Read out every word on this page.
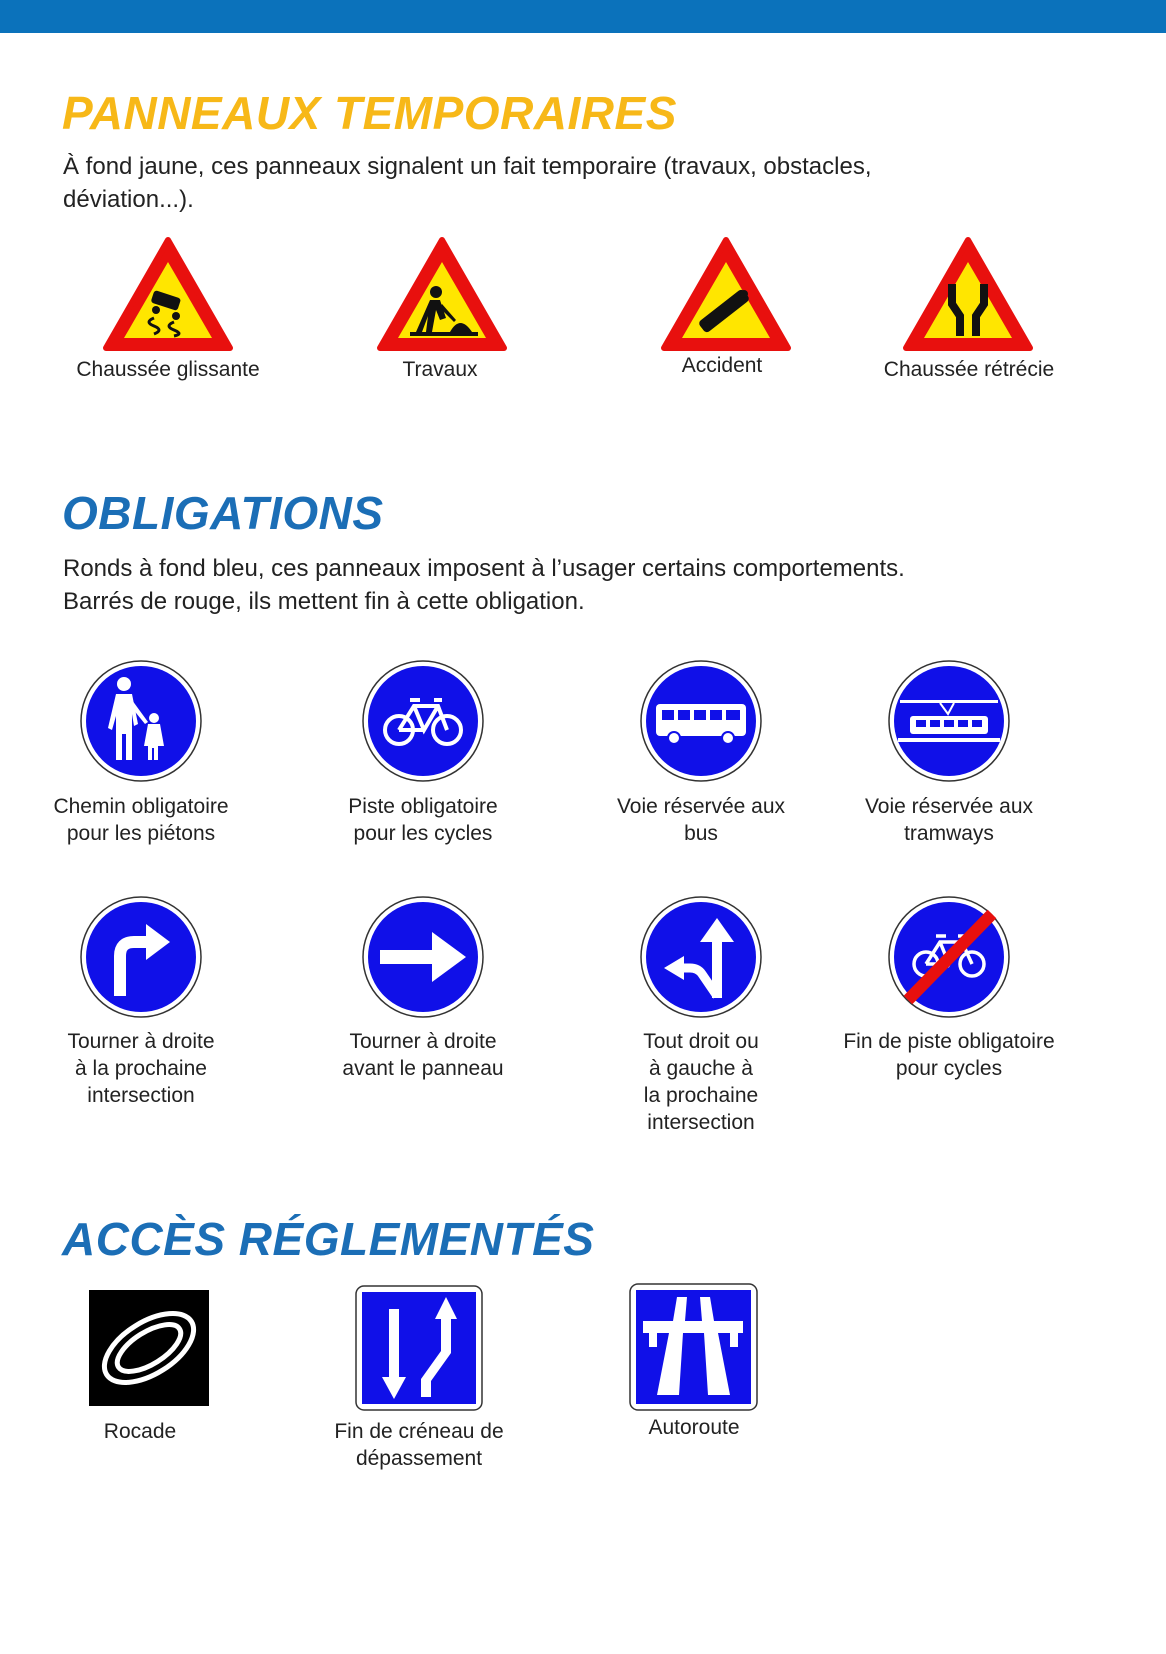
PANNEAUX TEMPORAIRES

À fond jaune, ces panneaux signalent un fait temporaire (travaux, obstacles,
déviation...).

Chaussée glissante	Travaux	Accident	Chaussée rétrécie
OBLIGATIONS

Ronds à fond bleu, ces panneaux imposent à l’usager certains comportements.
Barrés de rouge, ils mettent fin à cette obligation.

Chemin obligatoire
pour les piétons
Piste obligatoire
pour les cycles
Voie réservée aux
bus
Voie réservée aux
tramways
Tourner à droite
à la prochaine
intersection
Tourner à droite
avant le panneau
Tout droit ou
à gauche à
la prochaine
intersection
Fin de piste obligatoire
pour cycles
ACCÈS RÉGLEMENTÉS
Rocade	Fin de créneau de
dépassement
Autoroute
